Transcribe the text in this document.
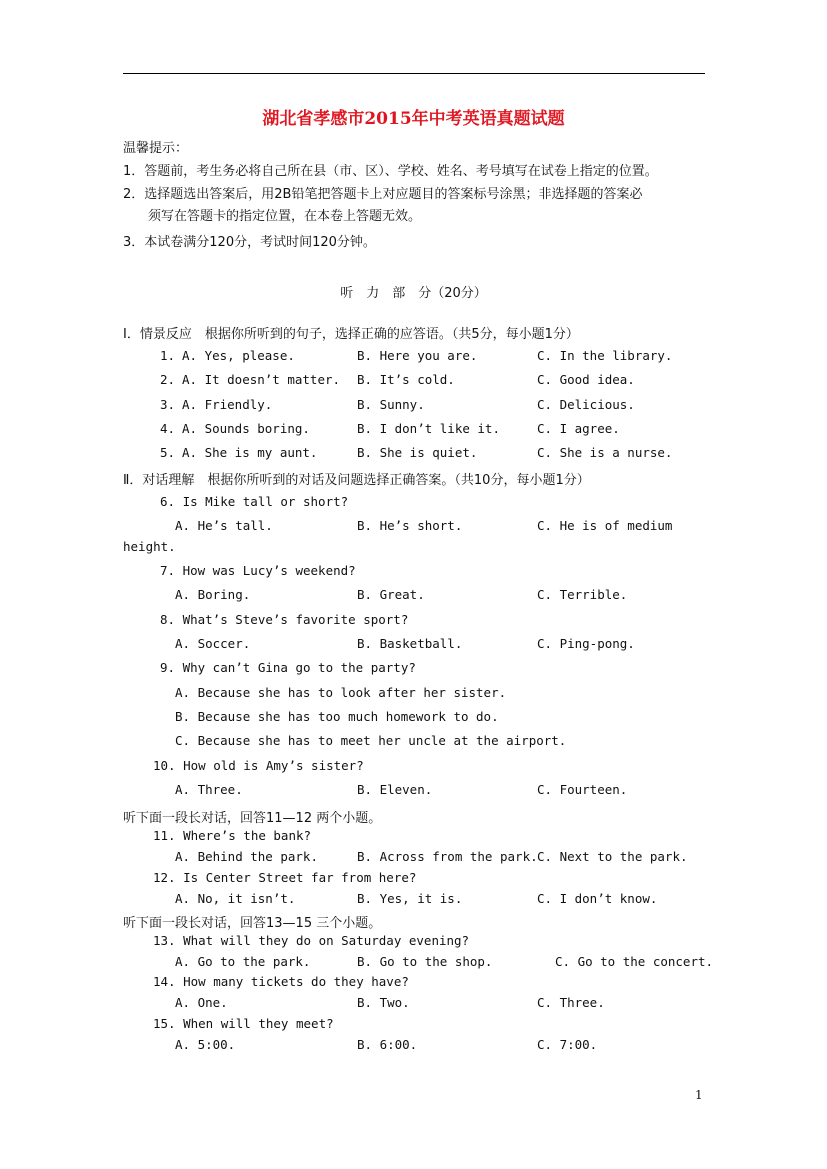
湖北省孝感市2015年中考英语真题试题
温馨提示：
1．答题前，考生务必将自己所在县（市、区）、学校、姓名、考号填写在试卷上指定的位置。
2．选择题选出答案后，用2B铅笔把答题卡上对应题目的答案标号涂黑；非选择题的答案必
须写在答题卡的指定位置，在本卷上答题无效。
3．本试卷满分120分，考试时间120分钟。
听　力　部　分（20分）
Ⅰ．情景反应　根据你所听到的句子，选择正确的应答语。（共5分，每小题1分）
1. A. Yes, please.	B. Here you are.	C. In the library.
2. A. It doesn’t matter. B. It’s cold.	C. Good idea.
3. A. Friendly.	B. Sunny.	C. Delicious.
4. A. Sounds boring.	B. I don’t like it.	C. I agree.
5. A. She is my aunt.	B. She is quiet.	C. She is a nurse.
Ⅱ．对话理解　根据你所听到的对话及问题选择正确答案。（共10分，每小题1分）
6. Is Mike tall or short?
A. He’s tall.	B. He’s short.	C. He is of medium
height.
7. How was Lucy’s weekend?
A. Boring.	B. Great.	C. Terrible.
8. What’s Steve’s favorite sport?
A. Soccer.	B. Basketball.	C. Ping-pong.
9. Why can’t Gina go to the party?
A. Because she has to look after her sister.
B. Because she has too much homework to do.
C. Because she has to meet her uncle at the airport.
10. How old is Amy’s sister?
A. Three.	B. Eleven.	C. Fourteen.
听下面一段长对话，回答11—12 两个小题。
11. Where’s the bank?
A. Behind the park.	B. Across from the park. C. Next to the park.
12. Is Center Street far from here?
A. No, it isn’t.	B. Yes, it is.	C. I don’t know.
听下面一段长对话，回答13—15 三个小题。
13. What will they do on Saturday evening?
A. Go to the park.	B. Go to the shop.	C. Go to the concert.
14. How many tickets do they have?
A. One.	B. Two.	C. Three.
15. When will they meet?
A. 5:00.	B. 6:00.	C. 7:00.
1
